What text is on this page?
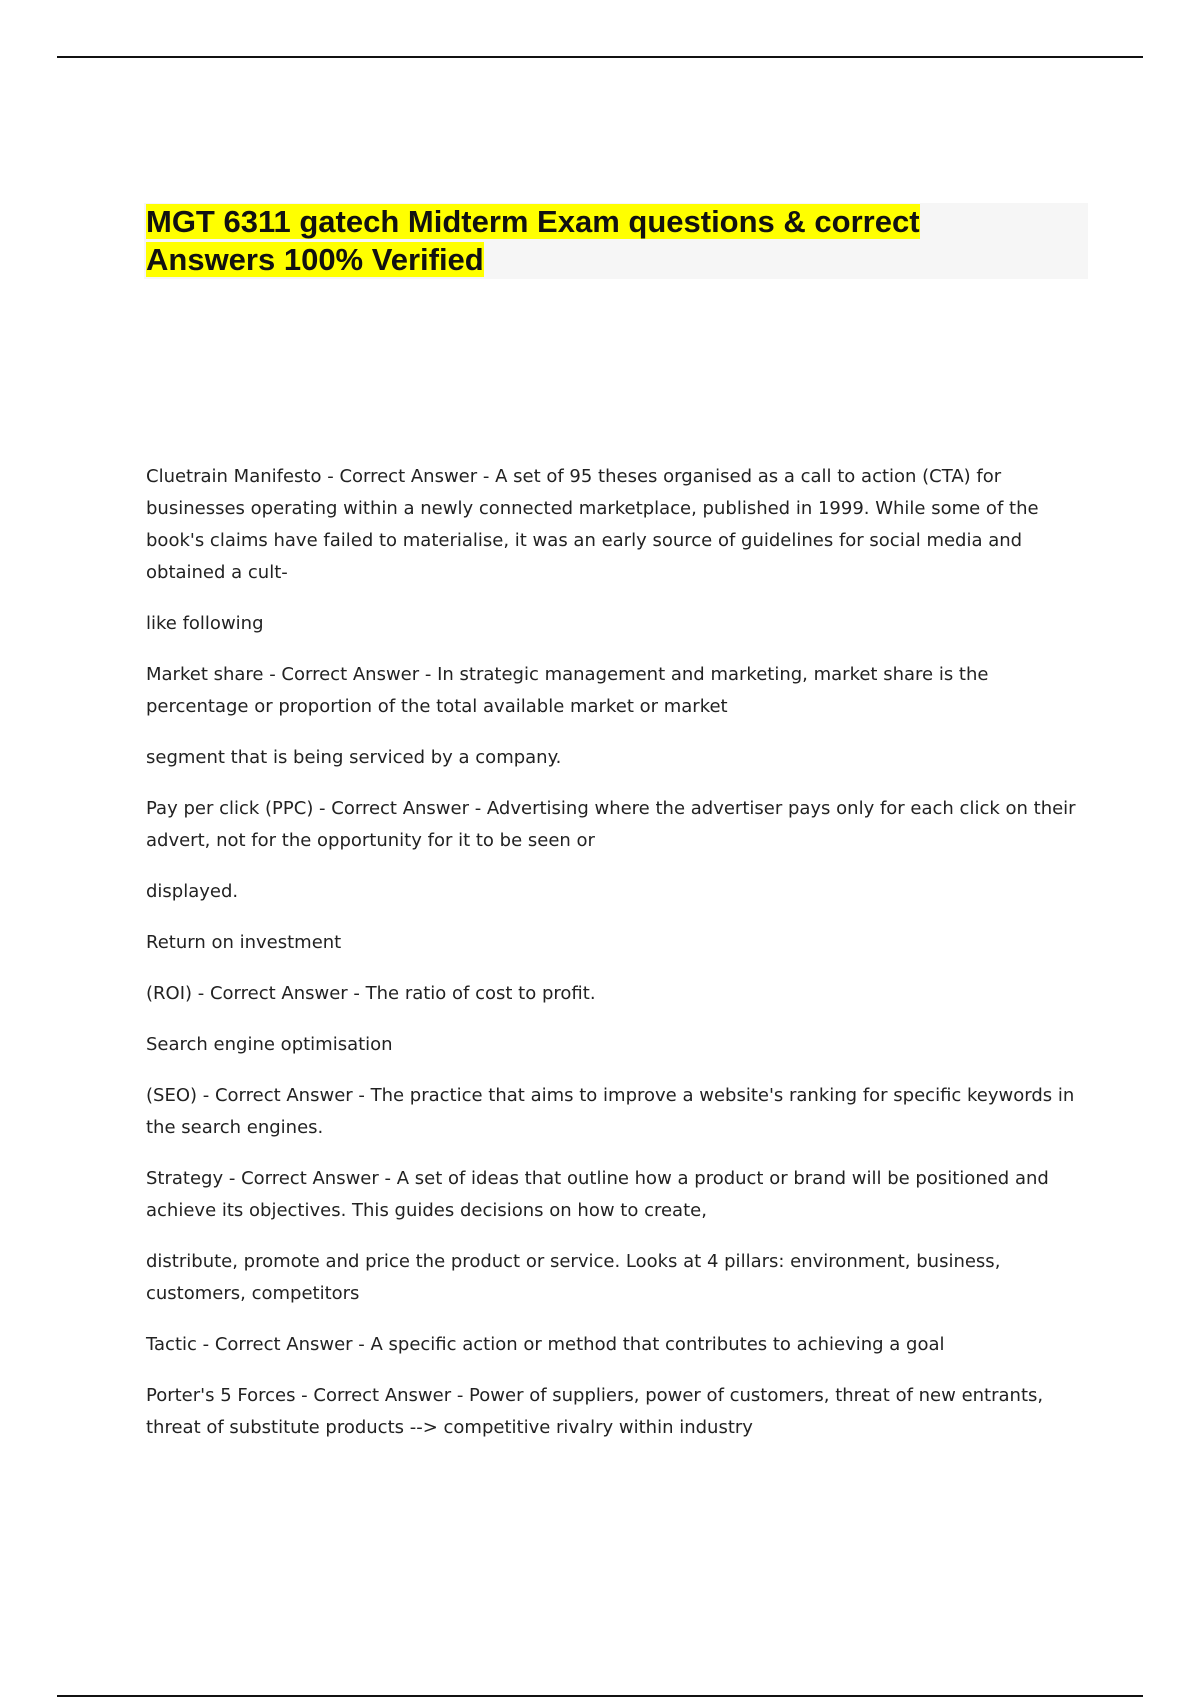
MGT 6311 gatech Midterm Exam questions & correct Answers 100% Verified

Cluetrain Manifesto - Correct Answer - A set of 95 theses organised as a call to action (CTA) for businesses operating within a newly connected marketplace, published in 1999. While some of the book's claims have failed to materialise, it was an early source of guidelines for social media and obtained a cult-

like following

Market share - Correct Answer - In strategic management and marketing, market share is the percentage or proportion of the total available market or market

segment that is being serviced by a company.

Pay per click (PPC) - Correct Answer - Advertising where the advertiser pays only for each click on their advert, not for the opportunity for it to be seen or

displayed.

Return on investment

(ROI) - Correct Answer - The ratio of cost to profit.

Search engine optimisation

(SEO) - Correct Answer - The practice that aims to improve a website's ranking for specific keywords in the search engines.

Strategy - Correct Answer - A set of ideas that outline how a product or brand will be positioned and achieve its objectives. This guides decisions on how to create,

distribute, promote and price the product or service. Looks at 4 pillars: environment, business, customers, competitors

Tactic - Correct Answer - A specific action or method that contributes to achieving a goal

Porter's 5 Forces - Correct Answer - Power of suppliers, power of customers, threat of new entrants, threat of substitute products --> competitive rivalry within industry
